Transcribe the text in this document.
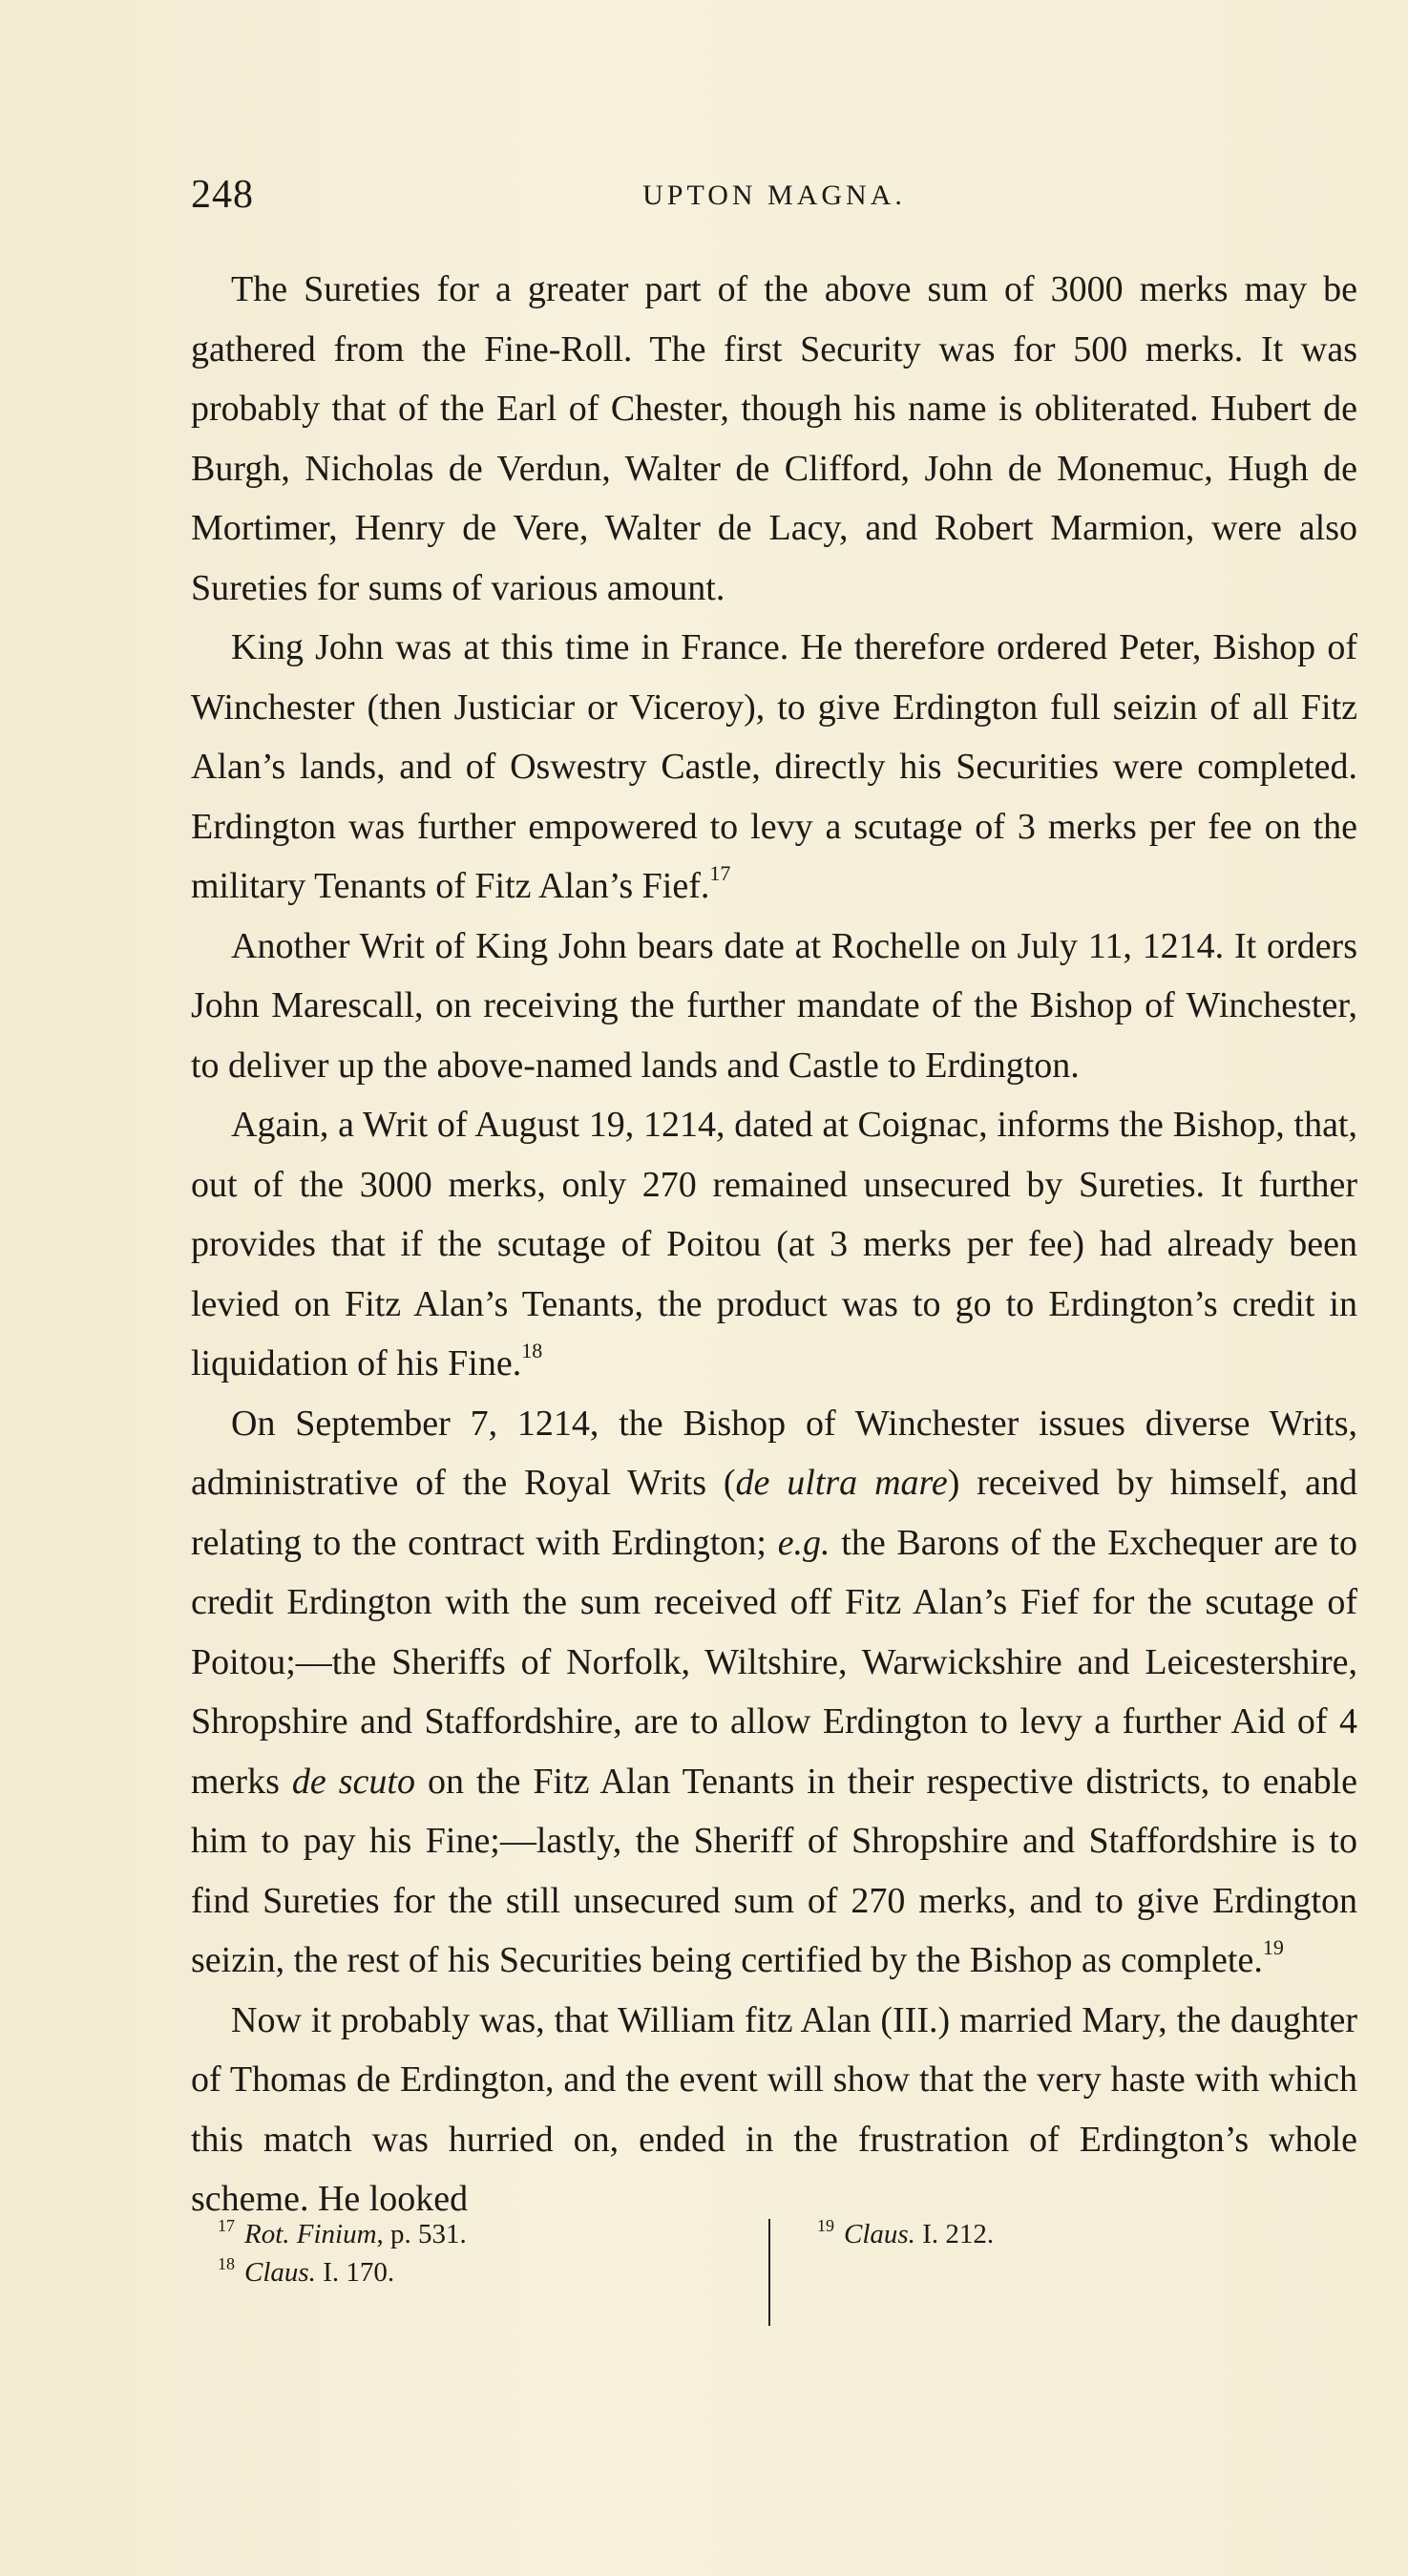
248	UPTON MAGNA.

The Sureties for a greater part of the above sum of 3000 merks may be gathered from the Fine-Roll. The first Security was for 500 merks. It was probably that of the Earl of Chester, though his name is obliterated. Hubert de Burgh, Nicholas de Verdun, Walter de Clifford, John de Monemuc, Hugh de Mortimer, Henry de Vere, Walter de Lacy, and Robert Marmion, were also Sureties for sums of various amount.

King John was at this time in France. He therefore ordered Peter, Bishop of Winchester (then Justiciar or Viceroy), to give Erdington full seizin of all Fitz Alan’s lands, and of Oswestry Castle, directly his Securities were completed. Erdington was further empowered to levy a scutage of 3 merks per fee on the military Tenants of Fitz Alan’s Fief.$^{17}$

Another Writ of King John bears date at Rochelle on July 11, 1214. It orders John Marescall, on receiving the further mandate of the Bishop of Winchester, to deliver up the above-named lands and Castle to Erdington.

Again, a Writ of August 19, 1214, dated at Coignac, informs the Bishop, that, out of the 3000 merks, only 270 remained unsecured by Sureties. It further provides that if the scutage of Poitou (at 3 merks per fee) had already been levied on Fitz Alan’s Tenants, the product was to go to Erdington’s credit in liquidation of his Fine.$^{18}$

On September 7, 1214, the Bishop of Winchester issues diverse Writs, administrative of the Royal Writs (de ultra mare) received by himself, and relating to the contract with Erdington; e.g. the Barons of the Exchequer are to credit Erdington with the sum received off Fitz Alan’s Fief for the scutage of Poitou;—the Sheriffs of Norfolk, Wiltshire, Warwickshire and Leicestershire, Shropshire and Staffordshire, are to allow Erdington to levy a further Aid of 4 merks de scuto on the Fitz Alan Tenants in their respective districts, to enable him to pay his Fine;—lastly, the Sheriff of Shropshire and Staffordshire is to find Sureties for the still unsecured sum of 270 merks, and to give Erdington seizin, the rest of his Securities being certified by the Bishop as complete.$^{19}$

Now it probably was, that William fitz Alan (III.) married Mary, the daughter of Thomas de Erdington, and the event will show that the very haste with which this match was hurried on, ended in the frustration of Erdington’s whole scheme. He looked

$^{17}$ Rot. Finium, p. 531.

$^{18}$ Claus. I. 170.

$^{19}$ Claus. I. 212.
